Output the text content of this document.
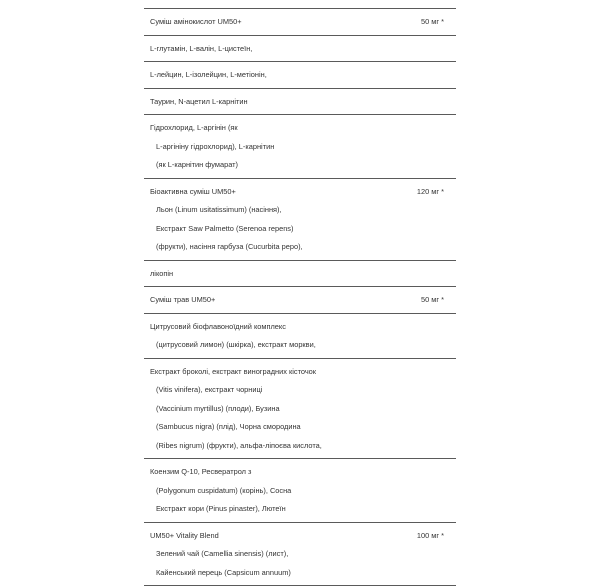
Суміш амінокислот UM50+	50 мг *
L-глутамін, L-валін, L-цистеїн,
L-лейцин, L-ізолейцин, L-метіонін,
Таурин, N-ацетил L-карнітин
Гідрохлорид, L-аргінін (як
L-аргініну гідрохлорид), L-карнітин
(як L-карнітин фумарат)
Біоактивна суміш UM50+
Льон (Linum usitatissimum) (насіння),
Екстракт Saw Palmetto (Serenoa repens)
(фрукти), насіння гарбуза (Cucurbita pepo),
120 мг *
лікопін
Суміш трав UM50+	50 мг *
Цитрусовий біофлавоноїдний комплекс
(цитрусовий лимон) (шкірка), екстракт моркви,
Екстракт броколі, екстракт виноградних кісточок
(Vitis vinifera), екстракт чорниці
(Vaccinium myrtillus) (плоди), Бузина
(Sambucus nigra) (плід), Чорна смородина
(Ribes nigrum) (фрукти), альфа-ліпоєва кислота,
Коензим Q-10, Ресвератрол з
(Polygonum cuspidatum) (корінь), Сосна
Екстракт кори (Pinus pinaster), Лютеїн
UM50+ Vitality Blend
Зелений чай (Camellia sinensis) (лист),
Кайенський перець (Capsicum annuum)
100 мг *
